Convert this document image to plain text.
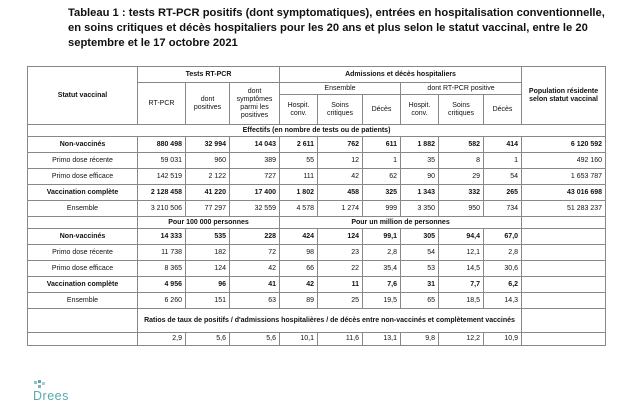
Tableau 1 : tests RT-PCR positifs (dont symptomatiques), entrées en hospitalisation conventionnelle, en soins critiques et décès hospitaliers pour les 20 ans et plus selon le statut vaccinal, entre le 20 septembre et le 17 octobre 2021
Statut vaccinal	Tests RT-PCR			Admissions et décès hospitaliers						Population résidente selon statut vaccinal
	RT-PCR	dont positives	dont symptômes parmi les positives	Ensemble			dont RT-PCR positive			
				Hospit. conv.	Soins critiques	Décès	Hospit. conv.	Soins critiques	Décès	
Effectifs (en nombre de tests ou de patients)										
Non-vaccinés	880 498	32 994	14 043	2 611	762	611	1 882	582	414	6 120 592
Primo dose récente	59 031	960	389	55	12	1	35	8	1	492 160
Primo dose efficace	142 519	2 122	727	111	42	62	90	29	54	1 653 787
Vaccination complète	2 128 458	41 220	17 400	1 802	458	325	1 343	332	265	43 016 698
Ensemble	3 210 506	77 297	32 559	4 578	1 274	999	3 350	950	734	51 283 237
	Pour 100 000 personnes			Pour un million de personnes						
Non-vaccinés	14 333	535	228	424	124	99,1	305	94,4	67,0	
Primo dose récente	11 738	182	72	98	23	2,8	54	12,1	2,8	
Primo dose efficace	8 365	124	42	66	22	35,4	53	14,5	30,6	
Vaccination complète	4 956	96	41	42	11	7,6	31	7,7	6,2	
Ensemble	6 260	151	63	89	25	19,5	65	18,5	14,3	
	Ratios de taux de positifs / d'admissions hospitalières / de décès entre non-vaccinés et complètement vaccinés									
	2,9	5,6	5,6	10,1	11,6	13,1	9,8	12,2	10,9	
Drees
